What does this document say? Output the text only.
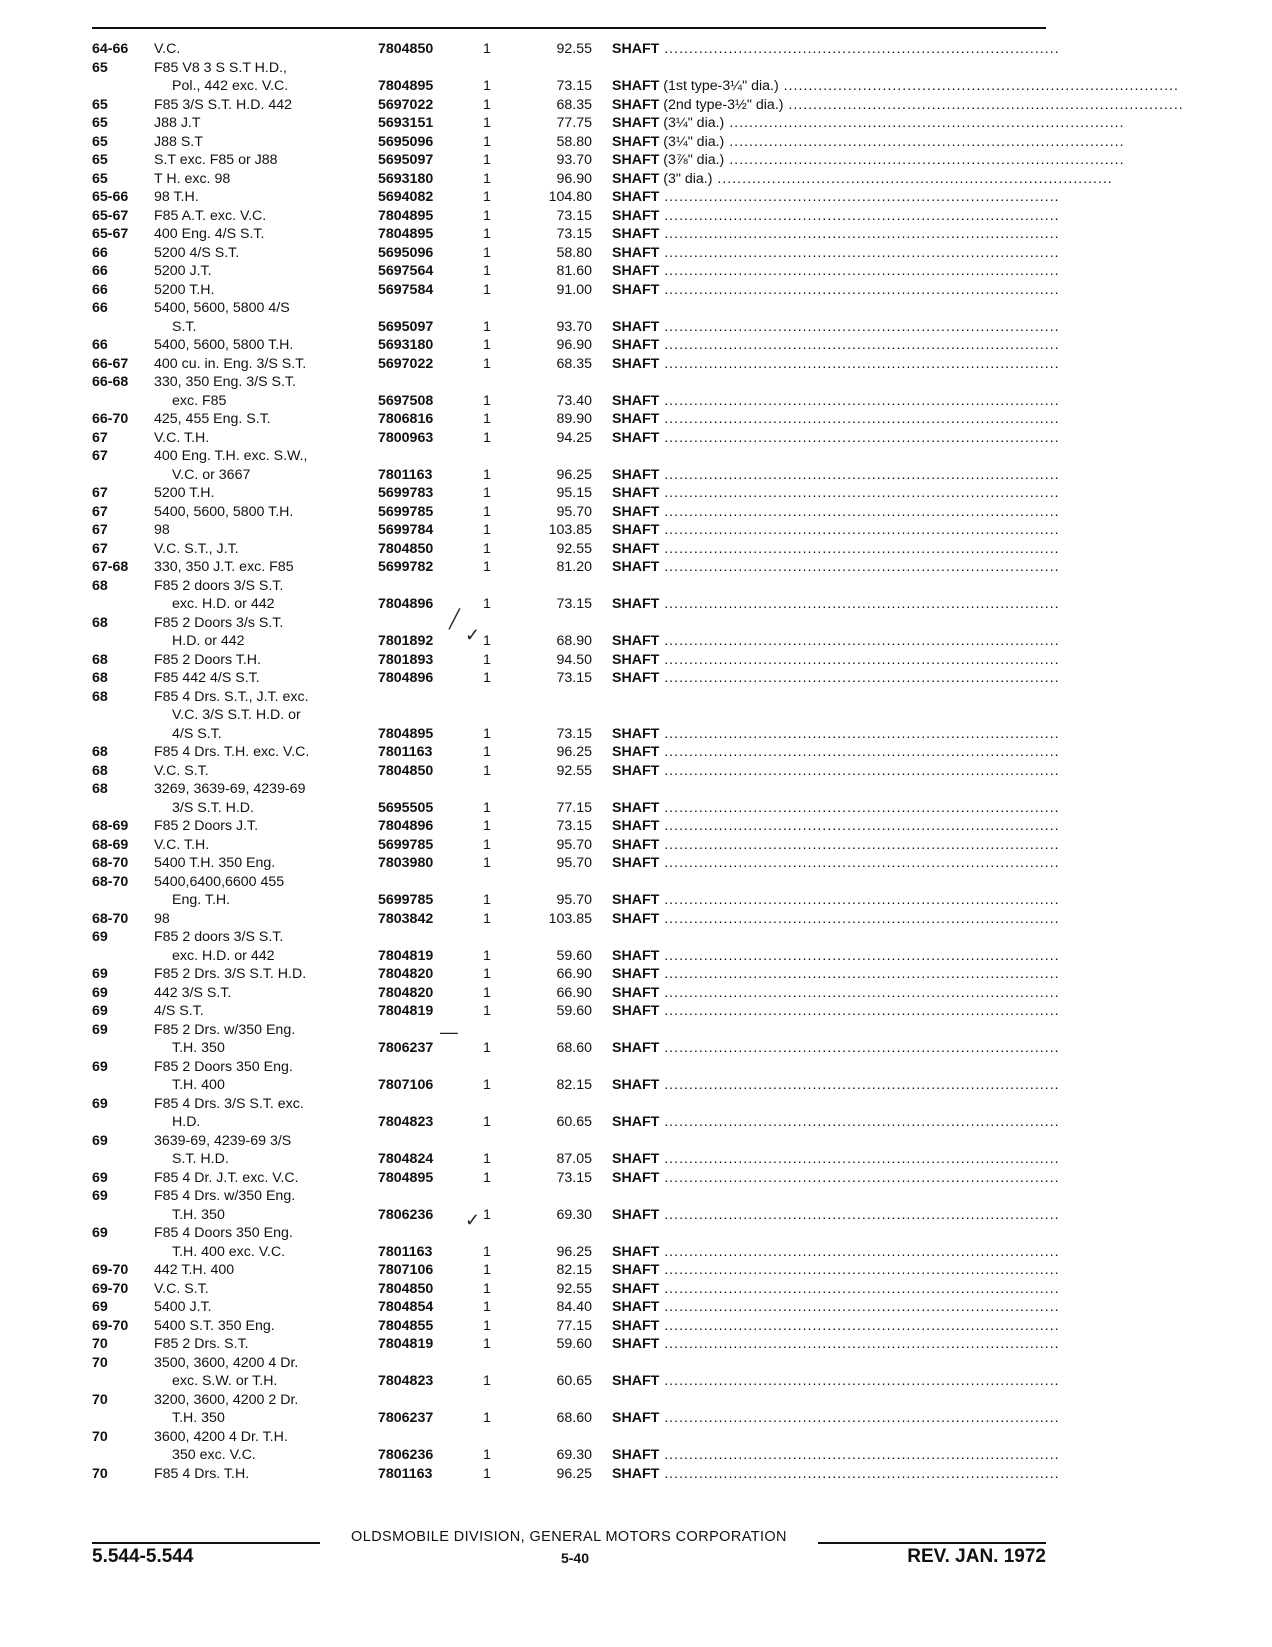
64-66 V.C.	7804850	1	92.55 SHAFT ................................................................................
65	F85 V8 3 S S.T H.D.,
Pol., 442 exc. V.C.	7804895	1	73.15 SHAFT (1st type-3¼" dia.) ................................................................................
65	F85 3/S S.T. H.D. 442	5697022	1	68.35 SHAFT (2nd type-3½" dia.) ................................................................................
65	J88 J.T	5693151	1	77.75 SHAFT (3¼" dia.) ................................................................................
65	J88 S.T	5695096	1	58.80 SHAFT (3¼" dia.) ................................................................................
65	S.T exc. F85 or J88	5695097	1	93.70 SHAFT (3⅞" dia.) ................................................................................
65	T H. exc. 98	5693180	1	96.90 SHAFT (3" dia.) ................................................................................
65-66 98 T.H.	5694082	1	104.80 SHAFT ................................................................................
65-67 F85 A.T. exc. V.C.	7804895	1	73.15 SHAFT ................................................................................
65-67 400 Eng. 4/S S.T.	7804895	1	73.15 SHAFT ................................................................................
66	5200 4/S S.T.	5695096	1	58.80 SHAFT ................................................................................
66	5200 J.T.	5697564	1	81.60 SHAFT ................................................................................
66	5200 T.H.	5697584	1	91.00 SHAFT ................................................................................
66	5400, 5600, 5800 4/S
S.T.	5695097	1	93.70 SHAFT ................................................................................
66	5400, 5600, 5800 T.H.	5693180	1	96.90 SHAFT ................................................................................
66-67 400 cu. in. Eng. 3/S S.T.	5697022	1	68.35 SHAFT ................................................................................
66-68 330, 350 Eng. 3/S S.T.
exc. F85	5697508	1	73.40 SHAFT ................................................................................
66-70 425, 455 Eng. S.T.	7806816	1	89.90 SHAFT ................................................................................
67	V.C. T.H.	7800963	1	94.25 SHAFT ................................................................................
67	400 Eng. T.H. exc. S.W.,
V.C. or 3667	7801163	1	96.25 SHAFT ................................................................................
67	5200 T.H.	5699783	1	95.15 SHAFT ................................................................................
67	5400, 5600, 5800 T.H.	5699785	1	95.70 SHAFT ................................................................................
67	98	5699784	1	103.85 SHAFT ................................................................................
67	V.C. S.T., J.T.	7804850	1	92.55 SHAFT ................................................................................
67-68 330, 350 J.T. exc. F85	5699782	1	81.20 SHAFT ................................................................................
68	F85 2 doors 3/S S.T.
exc. H.D. or 442	7804896	1	73.15 SHAFT ................................................................................
68	F85 2 Doors 3/s S.T.
H.D. or 442	7801892	1	68.90 SHAFT ................................................................................
68	F85 2 Doors T.H.	7801893	1	94.50 SHAFT ................................................................................
68	F85 442 4/S S.T.	7804896	1	73.15 SHAFT ................................................................................
68	F85 4 Drs. S.T., J.T. exc.
V.C. 3/S S.T. H.D. or
4/S S.T.	7804895	1	73.15 SHAFT ................................................................................
68	F85 4 Drs. T.H. exc. V.C.	7801163	1	96.25 SHAFT ................................................................................
68	V.C. S.T.	7804850	1	92.55 SHAFT ................................................................................
68	3269, 3639-69, 4239-69
3/S S.T. H.D.	5695505	1	77.15 SHAFT ................................................................................
68-69 F85 2 Doors J.T.	7804896	1	73.15 SHAFT ................................................................................
68-69 V.C. T.H.	5699785	1	95.70 SHAFT ................................................................................
68-70 5400 T.H. 350 Eng.	7803980	1	95.70 SHAFT ................................................................................
68-70 5400,6400,6600 455
Eng. T.H.	5699785	1	95.70 SHAFT ................................................................................
68-70 98	7803842	1	103.85 SHAFT ................................................................................
69	F85 2 doors 3/S S.T.
exc. H.D. or 442	7804819	1	59.60 SHAFT ................................................................................
69	F85 2 Drs. 3/S S.T. H.D.	7804820	1	66.90 SHAFT ................................................................................
69	442 3/S S.T.	7804820	1	66.90 SHAFT ................................................................................
69	4/S S.T.	7804819	1	59.60 SHAFT ................................................................................
69	F85 2 Drs. w/350 Eng.
T.H. 350	7806237	1	68.60 SHAFT ................................................................................
69	F85 2 Doors 350 Eng.
T.H. 400	7807106	1	82.15 SHAFT ................................................................................
69	F85 4 Drs. 3/S S.T. exc.
H.D.	7804823	1	60.65 SHAFT ................................................................................
69	3639-69, 4239-69 3/S
S.T. H.D.	7804824	1	87.05 SHAFT ................................................................................
69	F85 4 Dr. J.T. exc. V.C.	7804895	1	73.15 SHAFT ................................................................................
69	F85 4 Drs. w/350 Eng.
T.H. 350	7806236	1	69.30 SHAFT ................................................................................
69	F85 4 Doors 350 Eng.
T.H. 400 exc. V.C.	7801163	1	96.25 SHAFT ................................................................................
69-70 442 T.H. 400	7807106	1	82.15 SHAFT ................................................................................
69-70 V.C. S.T.	7804850	1	92.55 SHAFT ................................................................................
69	5400 J.T.	7804854	1	84.40 SHAFT ................................................................................
69-70 5400 S.T. 350 Eng.	7804855	1	77.15 SHAFT ................................................................................
70	F85 2 Drs. S.T.	7804819	1	59.60 SHAFT ................................................................................
70	3500, 3600, 4200 4 Dr.
exc. S.W. or T.H.	7804823	1	60.65 SHAFT ................................................................................
70	3200, 3600, 4200 2 Dr.
T.H. 350	7806237	1	68.60 SHAFT ................................................................................
70	3600, 4200 4 Dr. T.H.
350 exc. V.C.	7806236	1	69.30 SHAFT ................................................................................
70	F85 4 Drs. T.H.	7801163	1	96.25 SHAFT ................................................................................
╱
✓
✓
—
OLDSMOBILE DIVISION, GENERAL MOTORS CORPORATION
5.544-5.544	5-40	REV. JAN. 1972
